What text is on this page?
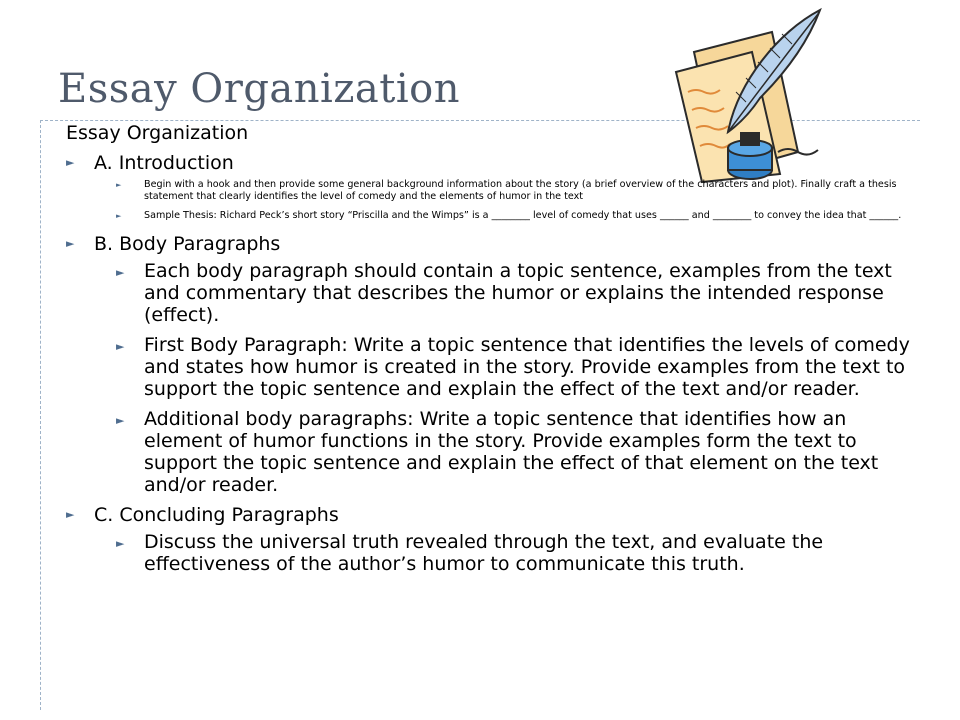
Essay Organization
Essay Organization
►	A. Introduction
►	Begin with a hook and then provide some general background information about the story (a brief overview of the characters and plot). Finally craft a thesis statement that clearly identifies the level of comedy and the elements of humor in the text
►	Sample Thesis: Richard Peck’s short story “Priscilla and the Wimps” is a ________ level of comedy that uses ______ and ________ to convey the idea that ______.
►	B. Body Paragraphs
►	Each body paragraph should contain a topic sentence, examples from the text and commentary that describes the humor or explains the intended response (effect).
►	First Body Paragraph: Write a topic sentence that identifies the levels of comedy and states how humor is created in the story. Provide examples from the text to support the topic sentence and explain the effect of the text and/or reader.
►	Additional body paragraphs: Write a topic sentence that identifies how an element of humor functions in the story. Provide examples form the text to support the topic sentence and explain the effect of that element on the text and/or reader.
►	C. Concluding Paragraphs
►	Discuss the universal truth revealed through the text, and evaluate the effectiveness of the author’s humor to communicate this truth.
